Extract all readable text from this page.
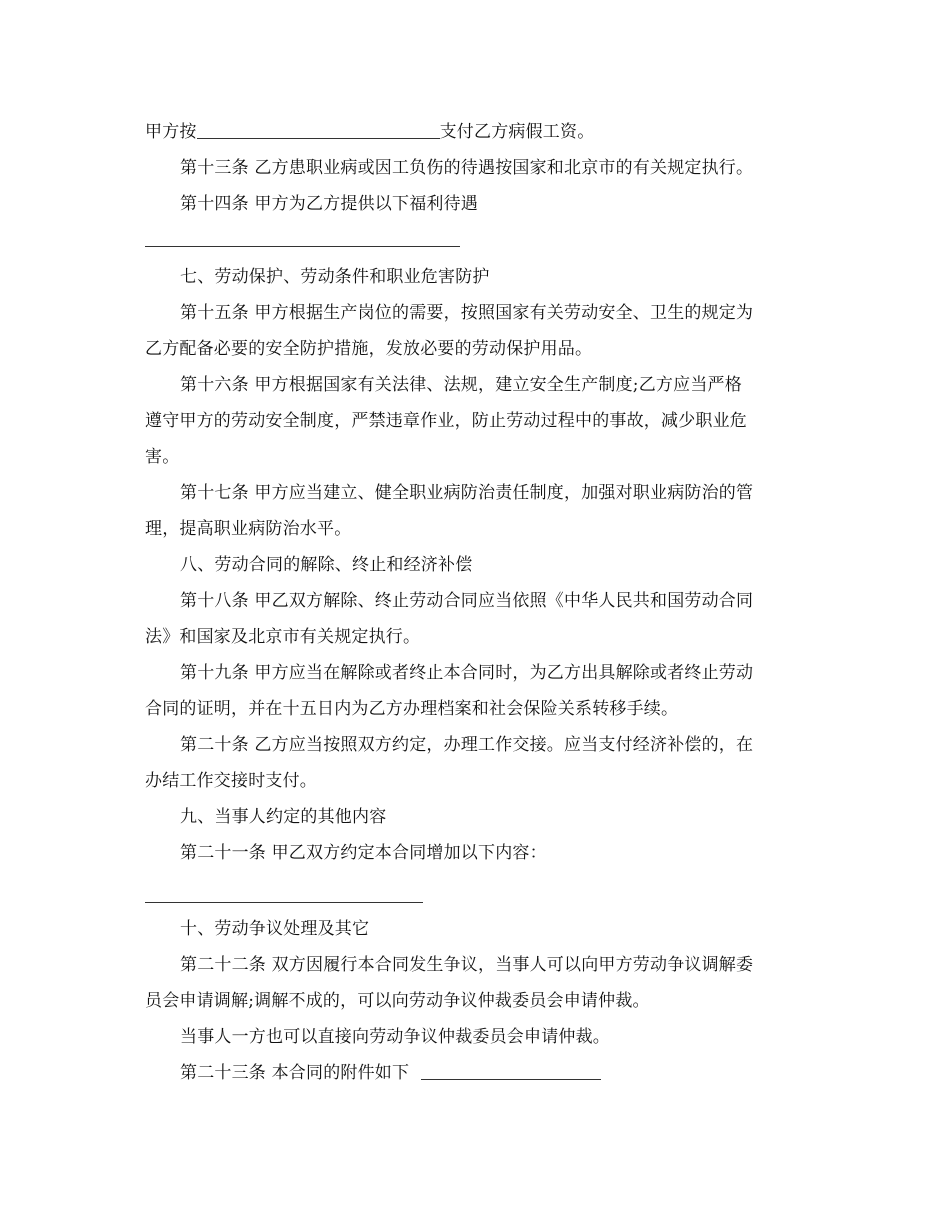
甲方按	支付乙方病假工资。
第十三条 乙方患职业病或因工负伤的待遇按国家和北京市的有关规定执行。
第十四条 甲方为乙方提供以下福利待遇
七、劳动保护、劳动条件和职业危害防护
第十五条 甲方根据生产岗位的需要，按照国家有关劳动安全、卫生的规定为
乙方配备必要的安全防护措施，发放必要的劳动保护用品。
第十六条 甲方根据国家有关法律、法规，建立安全生产制度;乙方应当严格
遵守甲方的劳动安全制度，严禁违章作业，防止劳动过程中的事故，减少职业危
害。
第十七条 甲方应当建立、健全职业病防治责任制度，加强对职业病防治的管
理，提高职业病防治水平。
八、劳动合同的解除、终止和经济补偿
第十八条 甲乙双方解除、终止劳动合同应当依照《中华人民共和国劳动合同
法》和国家及北京市有关规定执行。
第十九条 甲方应当在解除或者终止本合同时，为乙方出具解除或者终止劳动
合同的证明，并在十五日内为乙方办理档案和社会保险关系转移手续。
第二十条 乙方应当按照双方约定，办理工作交接。应当支付经济补偿的，在
办结工作交接时支付。
九、当事人约定的其他内容
第二十一条 甲乙双方约定本合同增加以下内容：
十、劳动争议处理及其它
第二十二条 双方因履行本合同发生争议，当事人可以向甲方劳动争议调解委
员会申请调解;调解不成的，可以向劳动争议仲裁委员会申请仲裁。
当事人一方也可以直接向劳动争议仲裁委员会申请仲裁。
第二十三条 本合同的附件如下
